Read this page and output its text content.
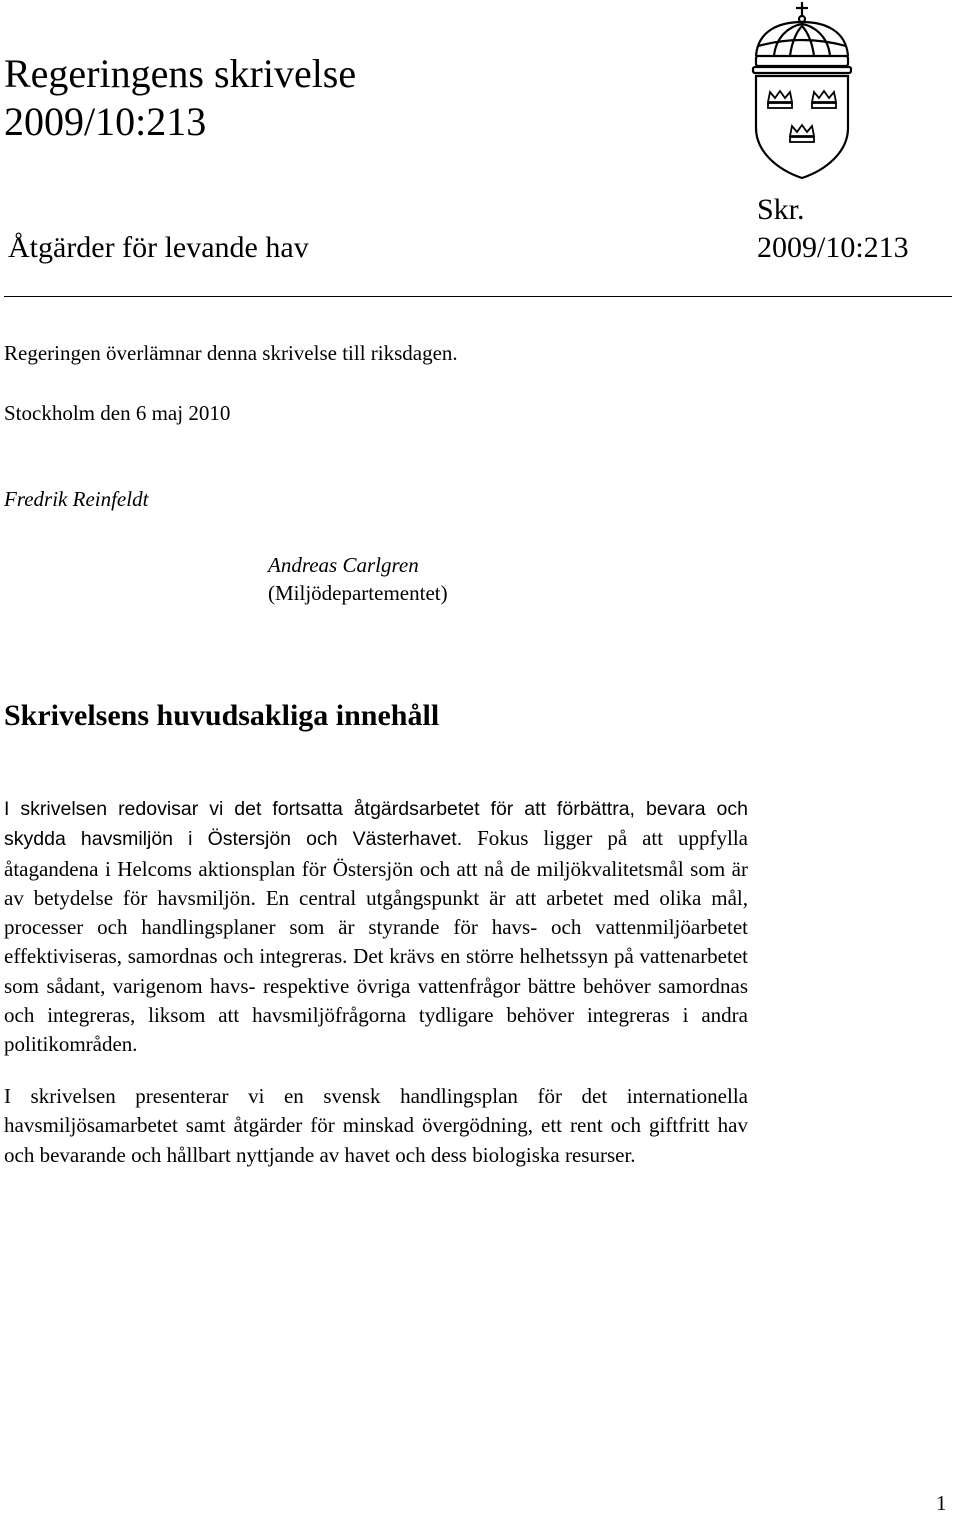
Regeringens skrivelse
2009/10:213
Skr.
2009/10:213
Åtgärder för levande hav
Regeringen överlämnar denna skrivelse till riksdagen.
Stockholm den 6 maj 2010
Fredrik Reinfeldt
Andreas Carlgren
(Miljödepartementet)
Skrivelsens huvudsakliga innehåll

I skrivelsen redovisar vi det fortsatta åtgärdsarbetet för att förbättra, bevara och skydda havsmiljön i Östersjön och Västerhavet. Fokus ligger på att uppfylla åtagandena i Helcoms aktionsplan för Östersjön och att nå de miljökvalitetsmål som är av betydelse för havsmiljön. En central utgångspunkt är att arbetet med olika mål, processer och handlingsplaner som är styrande för havs- och vattenmiljöarbetet effektiviseras, samordnas och integreras. Det krävs en större helhetssyn på vattenarbetet som sådant, varigenom havs- respektive övriga vattenfrågor bättre behöver samordnas och integreras, liksom att havsmiljöfrågorna tydligare behöver integreras i andra politikområden.

I skrivelsen presenterar vi en svensk handlingsplan för det internationella havsmiljösamarbetet samt åtgärder för minskad övergödning, ett rent och giftfritt hav och bevarande och hållbart nyttjande av havet och dess biologiska resurser.

1
